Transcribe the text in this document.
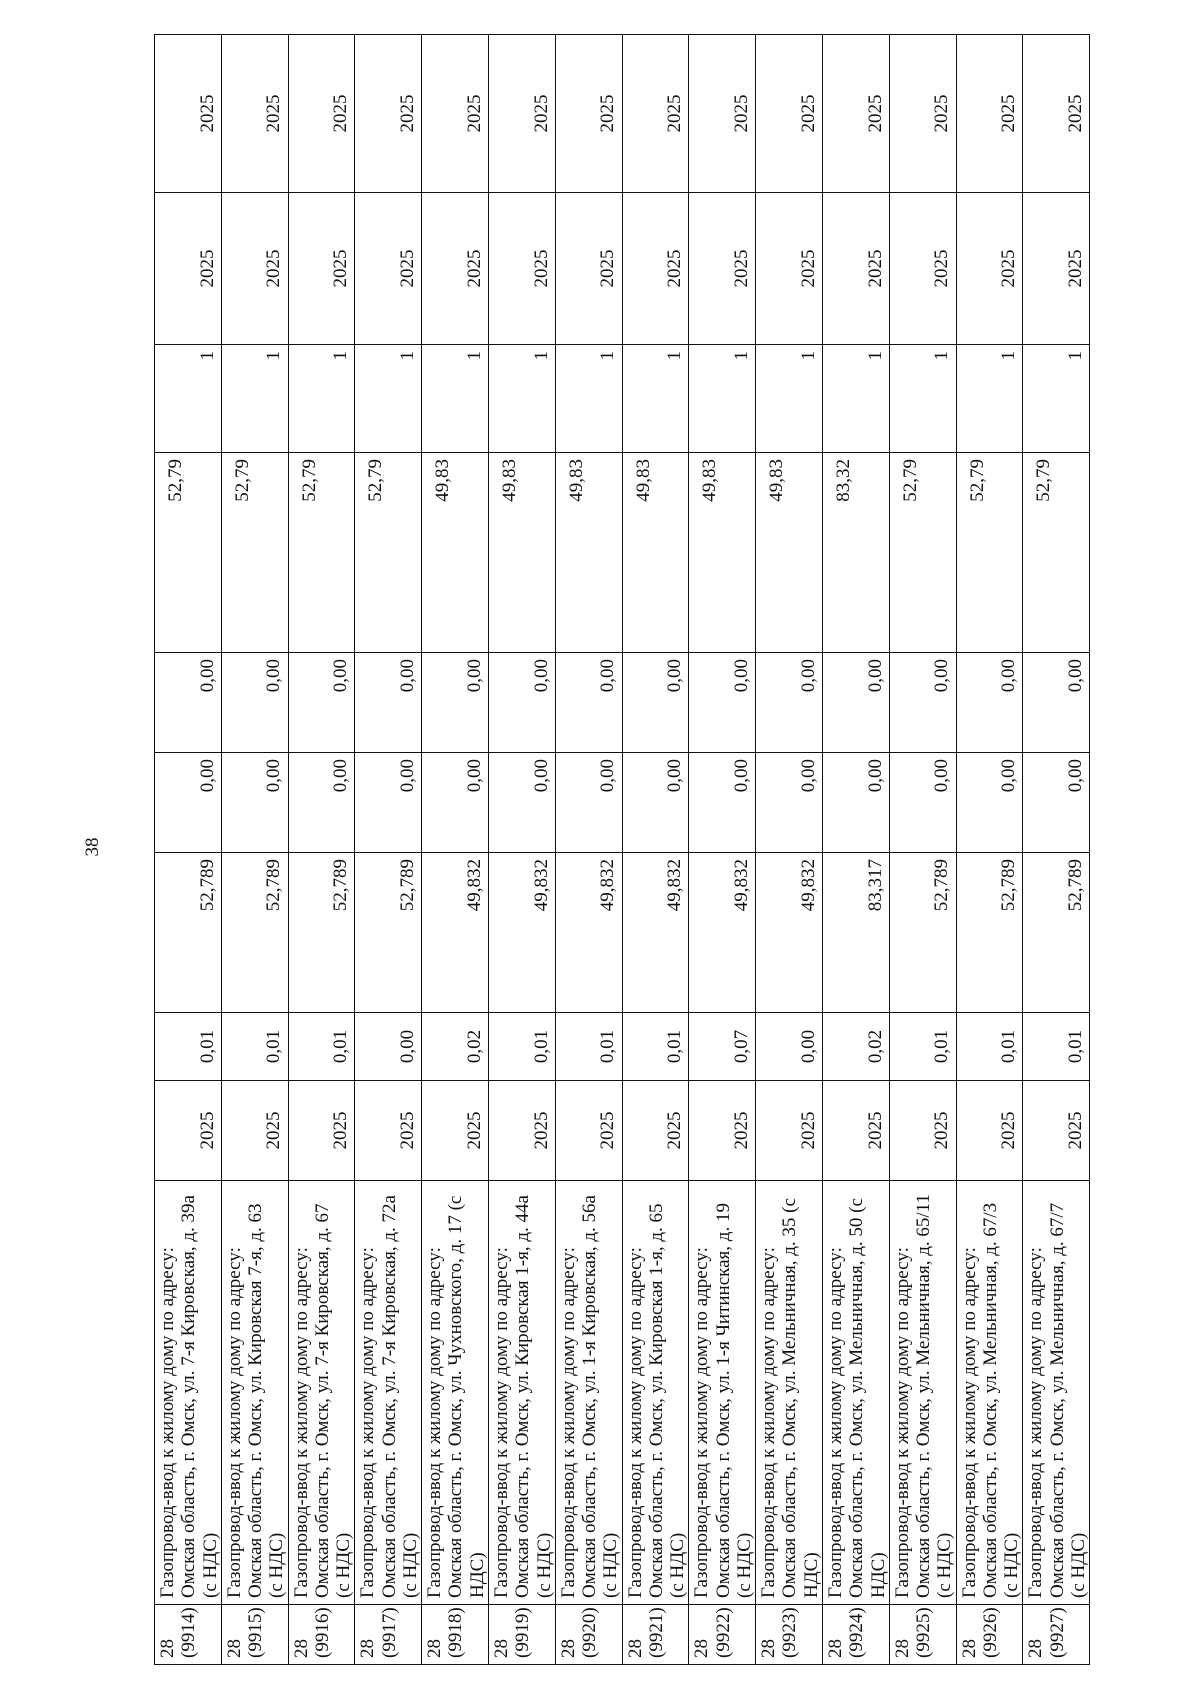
38
28 (9914)	Газопровод-ввод к жилому дому по адресу: Омская область, г. Омск, ул. 7-я Кировская, д. 39а (с НДС)	2025	0,01	52,789	0,00	0,00	52,79	1	2025	2025
28 (9915)	Газопровод-ввод к жилому дому по адресу: Омская область, г. Омск, ул. Кировская 7-я, д. 63 (с НДС)	2025	0,01	52,789	0,00	0,00	52,79	1	2025	2025
28 (9916)	Газопровод-ввод к жилому дому по адресу: Омская область, г. Омск, ул. 7-я Кировская, д. 67 (с НДС)	2025	0,01	52,789	0,00	0,00	52,79	1	2025	2025
28 (9917)	Газопровод-ввод к жилому дому по адресу: Омская область, г. Омск, ул. 7-я Кировская, д. 72а (с НДС)	2025	0,00	52,789	0,00	0,00	52,79	1	2025	2025
28 (9918)	Газопровод-ввод к жилому дому по адресу: Омская область, г. Омск, ул. Чухновского, д. 17 (с НДС)	2025	0,02	49,832	0,00	0,00	49,83	1	2025	2025
28 (9919)	Газопровод-ввод к жилому дому по адресу: Омская область, г. Омск, ул. Кировская 1-я, д. 44а (с НДС)	2025	0,01	49,832	0,00	0,00	49,83	1	2025	2025
28 (9920)	Газопровод-ввод к жилому дому по адресу: Омская область, г. Омск, ул. 1-я Кировская, д. 56а (с НДС)	2025	0,01	49,832	0,00	0,00	49,83	1	2025	2025
28 (9921)	Газопровод-ввод к жилому дому по адресу: Омская область, г. Омск, ул. Кировская 1-я, д. 65 (с НДС)	2025	0,01	49,832	0,00	0,00	49,83	1	2025	2025
28 (9922)	Газопровод-ввод к жилому дому по адресу: Омская область, г. Омск, ул. 1-я Читинская, д. 19 (с НДС)	2025	0,07	49,832	0,00	0,00	49,83	1	2025	2025
28 (9923)	Газопровод-ввод к жилому дому по адресу: Омская область, г. Омск, ул. Мельничная, д. 35 (с НДС)	2025	0,00	49,832	0,00	0,00	49,83	1	2025	2025
28 (9924)	Газопровод-ввод к жилому дому по адресу: Омская область, г. Омск, ул. Мельничная, д. 50 (с НДС)	2025	0,02	83,317	0,00	0,00	83,32	1	2025	2025
28 (9925)	Газопровод-ввод к жилому дому по адресу: Омская область, г. Омск, ул. Мельничная, д. 65/11 (с НДС)	2025	0,01	52,789	0,00	0,00	52,79	1	2025	2025
28 (9926)	Газопровод-ввод к жилому дому по адресу: Омская область, г. Омск, ул. Мельничная, д. 67/3 (с НДС)	2025	0,01	52,789	0,00	0,00	52,79	1	2025	2025
28 (9927)	Газопровод-ввод к жилому дому по адресу: Омская область, г. Омск, ул. Мельничная, д. 67/7 (с НДС)	2025	0,01	52,789	0,00	0,00	52,79	1	2025	2025
